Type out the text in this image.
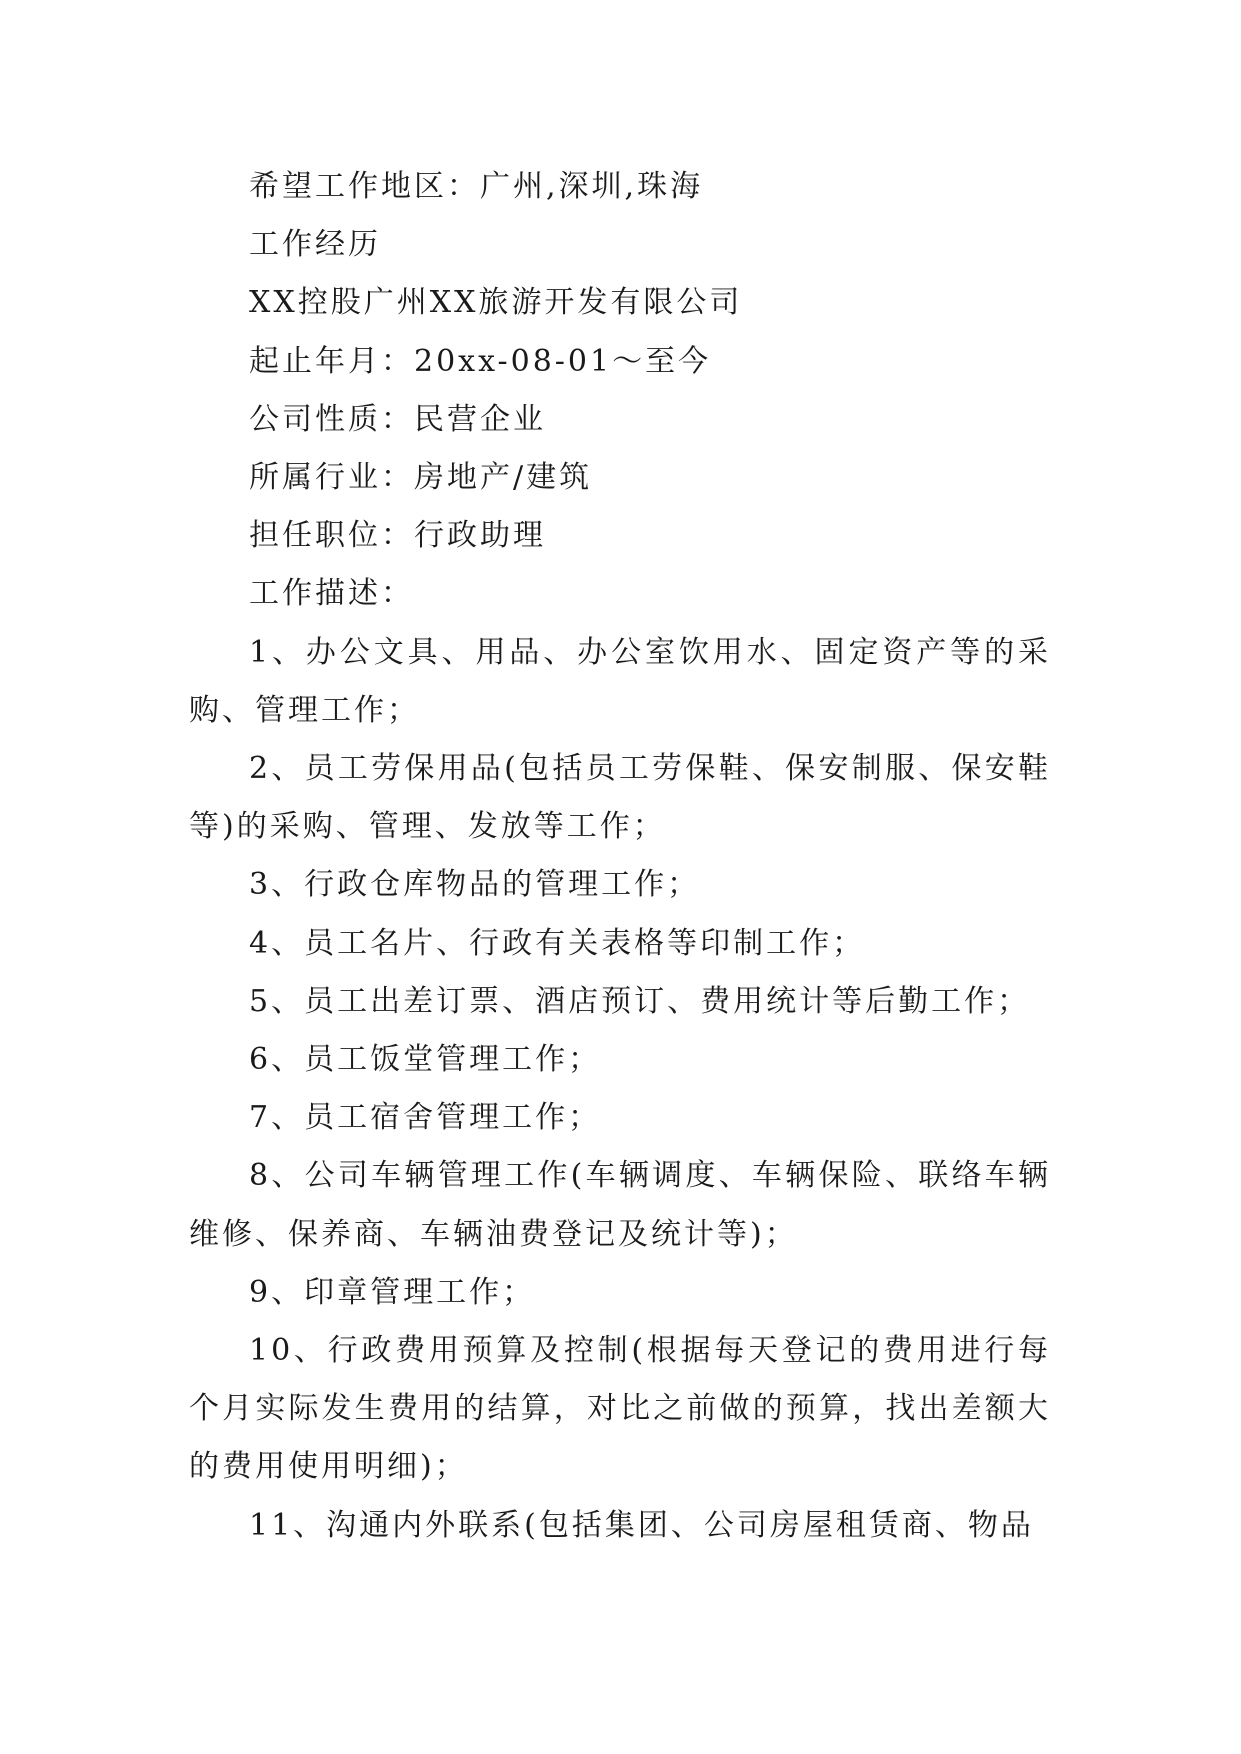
希望工作地区：广州,深圳,珠海

工作经历

XX控股广州XX旅游开发有限公司

起止年月：20xx-08-01～至今

公司性质：民营企业

所属行业：房地产/建筑

担任职位：行政助理

工作描述：

1、办公文具、用品、办公室饮用水、固定资产等的采购、管理工作；

2、员工劳保用品(包括员工劳保鞋、保安制服、保安鞋等)的采购、管理、发放等工作；

3、行政仓库物品的管理工作；

4、员工名片、行政有关表格等印制工作；

5、员工出差订票、酒店预订、费用统计等后勤工作；

6、员工饭堂管理工作；

7、员工宿舍管理工作；

8、公司车辆管理工作(车辆调度、车辆保险、联络车辆维修、保养商、车辆油费登记及统计等)；

9、印章管理工作；

10、行政费用预算及控制(根据每天登记的费用进行每个月实际发生费用的结算，对比之前做的预算，找出差额大的费用使用明细)；

11、沟通内外联系(包括集团、公司房屋租赁商、物品
